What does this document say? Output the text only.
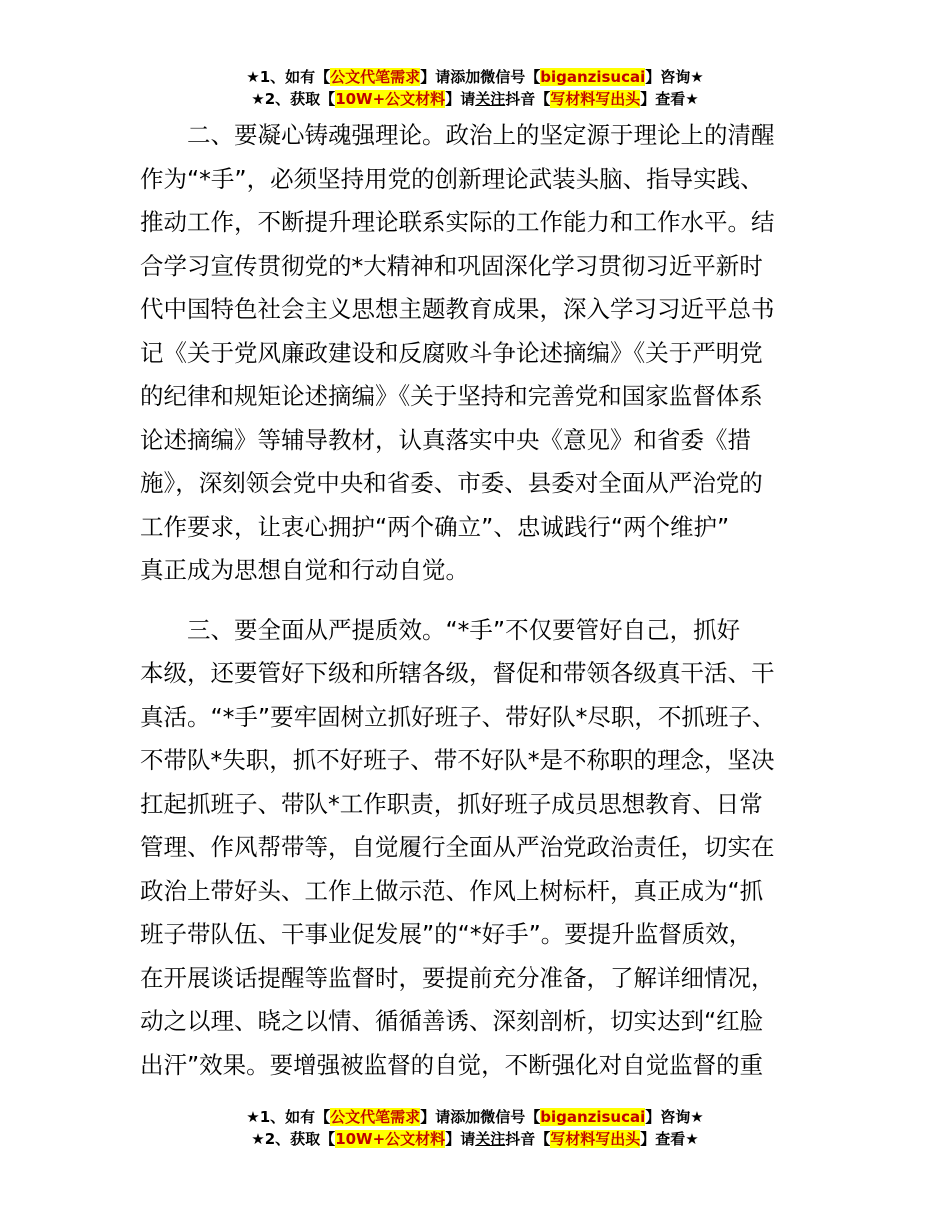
★1、如有【公文代笔需求】请添加微信号【biganzisucai】咨询★
★2、获取【10W+公文材料】请关注抖音【写材料写出头】查看★
　　二、要凝心铸魂强理论。政治上的坚定源于理论上的清醒
作为“*手”，必须坚持用党的创新理论武装头脑、指导实践、
推动工作，不断提升理论联系实际的工作能力和工作水平。结
合学习宣传贯彻党的*大精神和巩固深化学习贯彻习近平新时
代中国特色社会主义思想主题教育成果，深入学习习近平总书
记《关于党风廉政建设和反腐败斗争论述摘编》《关于严明党
的纪律和规矩论述摘编》《关于坚持和完善党和国家监督体系
论述摘编》等辅导教材，认真落实中央《意见》和省委《措
施》，深刻领会党中央和省委、市委、县委对全面从严治党的
工作要求，让衷心拥护“两个确立”、忠诚践行“两个维护”
真正成为思想自觉和行动自觉。
　　三、要全面从严提质效。“*手”不仅要管好自己，抓好
本级，还要管好下级和所辖各级，督促和带领各级真干活、干
真活。“*手”要牢固树立抓好班子、带好队*尽职，不抓班子、
不带队*失职，抓不好班子、带不好队*是不称职的理念，坚决
扛起抓班子、带队*工作职责，抓好班子成员思想教育、日常
管理、作风帮带等，自觉履行全面从严治党政治责任，切实在
政治上带好头、工作上做示范、作风上树标杆，真正成为“抓
班子带队伍、干事业促发展”的“*好手”。要提升监督质效，
在开展谈话提醒等监督时，要提前充分准备，了解详细情况，
动之以理、晓之以情、循循善诱、深刻剖析，切实达到“红脸
出汗”效果。要增强被监督的自觉，不断强化对自觉监督的重
★1、如有【公文代笔需求】请添加微信号【biganzisucai】咨询★
★2、获取【10W+公文材料】请关注抖音【写材料写出头】查看★
